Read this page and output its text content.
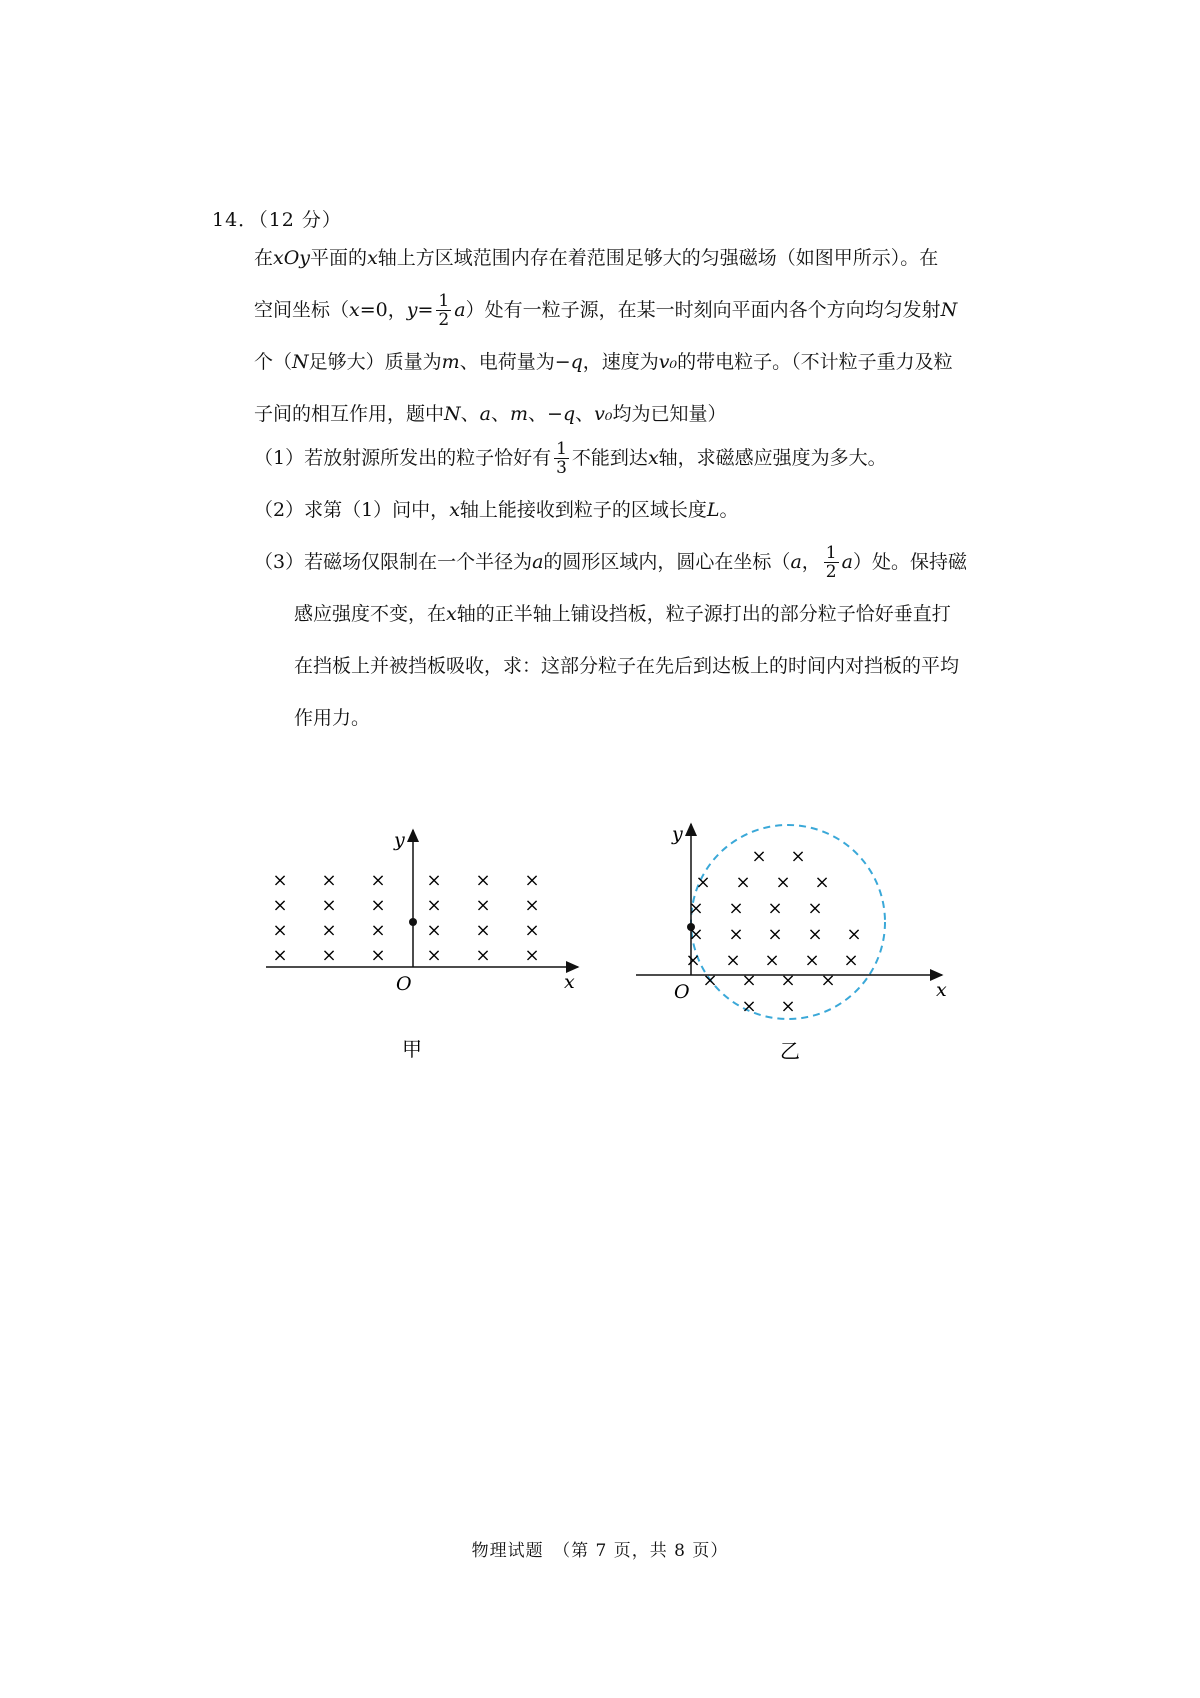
14．（12 分）
在 xOy 平面的 x 轴上方区域范围内存在着范围足够大的匀强磁场（如图甲所示）。在
空间坐标（ x =0， $y = \frac{1}{2}$ a ）处有一粒子源，在某一时刻向平面内各个方向均匀发射 N
个（ N 足够大）质量为 m 、电荷量为− q ，速度为 v₀ 的带电粒子。（不计粒子重力及粒
子间的相互作用，题中 N 、 a 、 m 、− q 、 v₀ 均为已知量）
（1）若放射源所发出的粒子恰好有 $\frac{1}{3}$ 不能到达 x 轴，求磁感应强度为多大。
（2）求第（1）问中， x 轴上能接收到粒子的区域长度 L 。
（3）若磁场仅限制在一个半径为 a 的圆形区域内，圆心在坐标（ a ， $\frac{1}{2}$ a ）处。保持磁
感应强度不变，在 x 轴的正半轴上铺设挡板，粒子源打出的部分粒子恰好垂直打
在挡板上并被挡板吸收，求：这部分粒子在先后到达板上的时间内对挡板的平均
作用力。
× × × × × ×
× × × × × ×
× × × × × ×
× × × × × ×
y
x
O
甲
× ×
× × × ×
× × × ×
× × × × ×
× × × × ×
× × × ×
× ×
y
x
O
乙
物理试题　（第 7 页，共 8 页）
